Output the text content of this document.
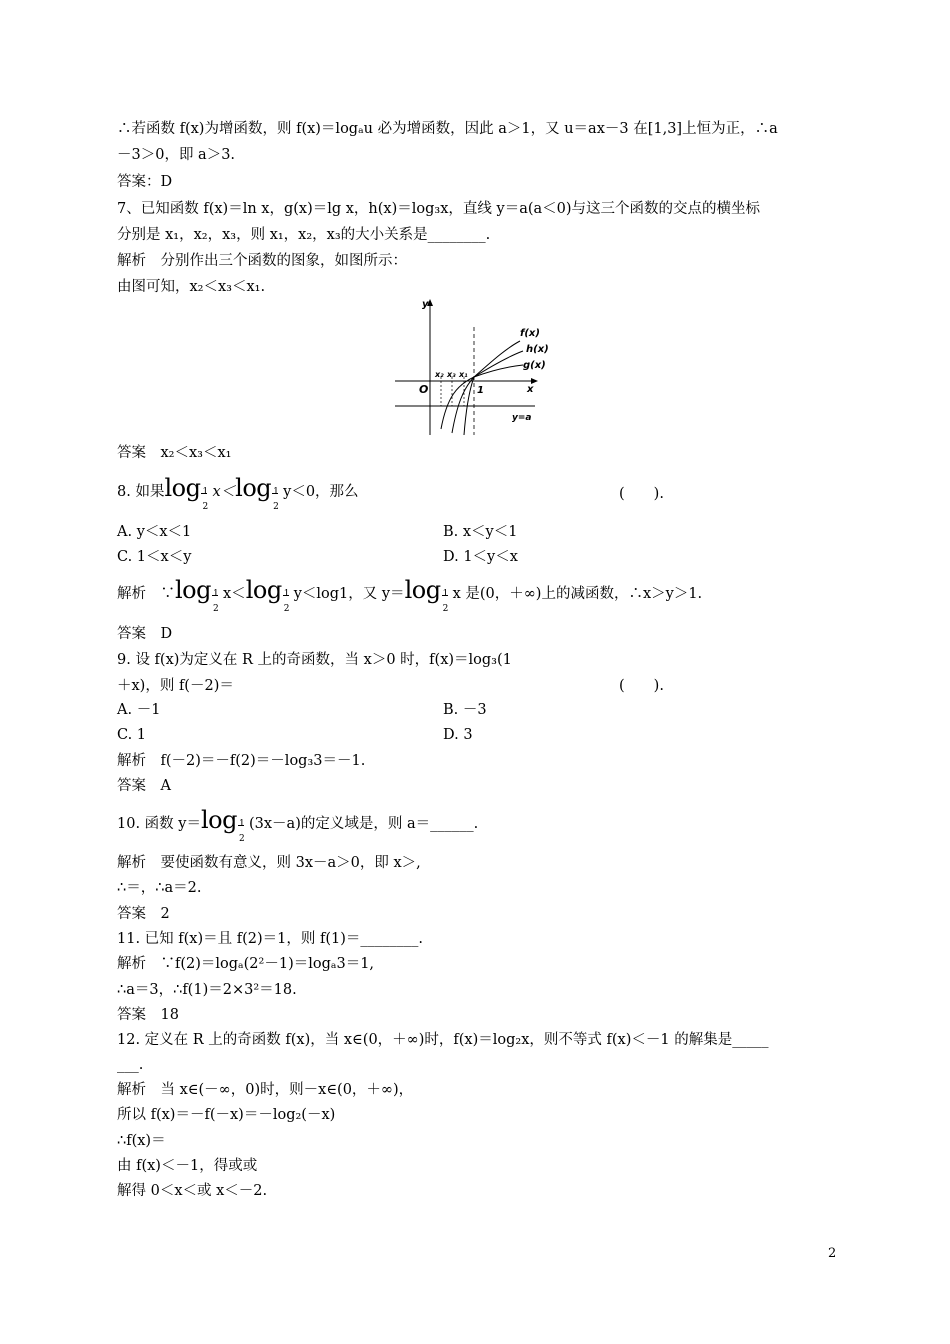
∴若函数 f(x)为增函数，则 f(x)＝logₐu 必为增函数，因此 a＞1，又 u＝ax－3 在[1,3]上恒为正，∴a
－3＞0，即 a＞3.
答案：D
7、已知函数 f(x)＝ln x，g(x)＝lg x，h(x)＝log₃x，直线 y＝a(a＜0)与这三个函数的交点的横坐标
分别是 x₁，x₂，x₃，则 x₁，x₂，x₃的大小关系是________.
解析　分别作出三个函数的图象，如图所示：
由图可知，x₂＜x₃＜x₁.
y
x
y=a
f(x)
h(x)
g(x)
O	1
x₂ x₃ x₁
答案　x₂＜x₃＜x₁
8. 如果$\log \frac{1}{2} x<\log \frac{1}{2} y<0$，那么	(　　).
A. y＜x＜1	B. x＜y＜1
C. 1＜x＜y	D. 1＜y＜x
解析　∵log $\frac{1}{2} x<\log \frac{1}{2} y<\log 1$，又 $y=\log \frac{1}{2}$ x 是(0，＋∞)上的减函数，∴x＞y＞1.
答案　D
9. 设 f(x)为定义在 R 上的奇函数，当 x＞0 时，f(x)＝log₃(1
＋x)，则 f(－2)＝	(　　).
A. －1	B. －3
C. 1	D. 3
解析　f(－2)＝－f(2)＝－log₃3＝－1.
答案　A
10. 函数 $y=\log \frac{1}{2} (3x-a)$的定义域是，则 a＝______.
解析　要使函数有意义，则 3x－a＞0，即 x＞,
∴＝，∴a＝2.
答案　2
11. 已知 f(x)＝且 f(2)＝1，则 f(1)＝________.
解析　∵f(2)＝logₐ(2²－1)＝logₐ3＝1,
∴a＝3，∴f(1)＝2×3²＝18.
答案　18
12. 定义在 R 上的奇函数 f(x)，当 x∈(0，＋∞)时，f(x)＝log₂x，则不等式 f(x)＜－1 的解集是_____
___.
解析　当 x∈(－∞，0)时，则－x∈(0，＋∞)，
所以 f(x)＝－f(－x)＝－log₂(－x)
∴f(x)＝
由 f(x)＜－1，得或或
解得 0＜x＜或 x＜－2.
2
